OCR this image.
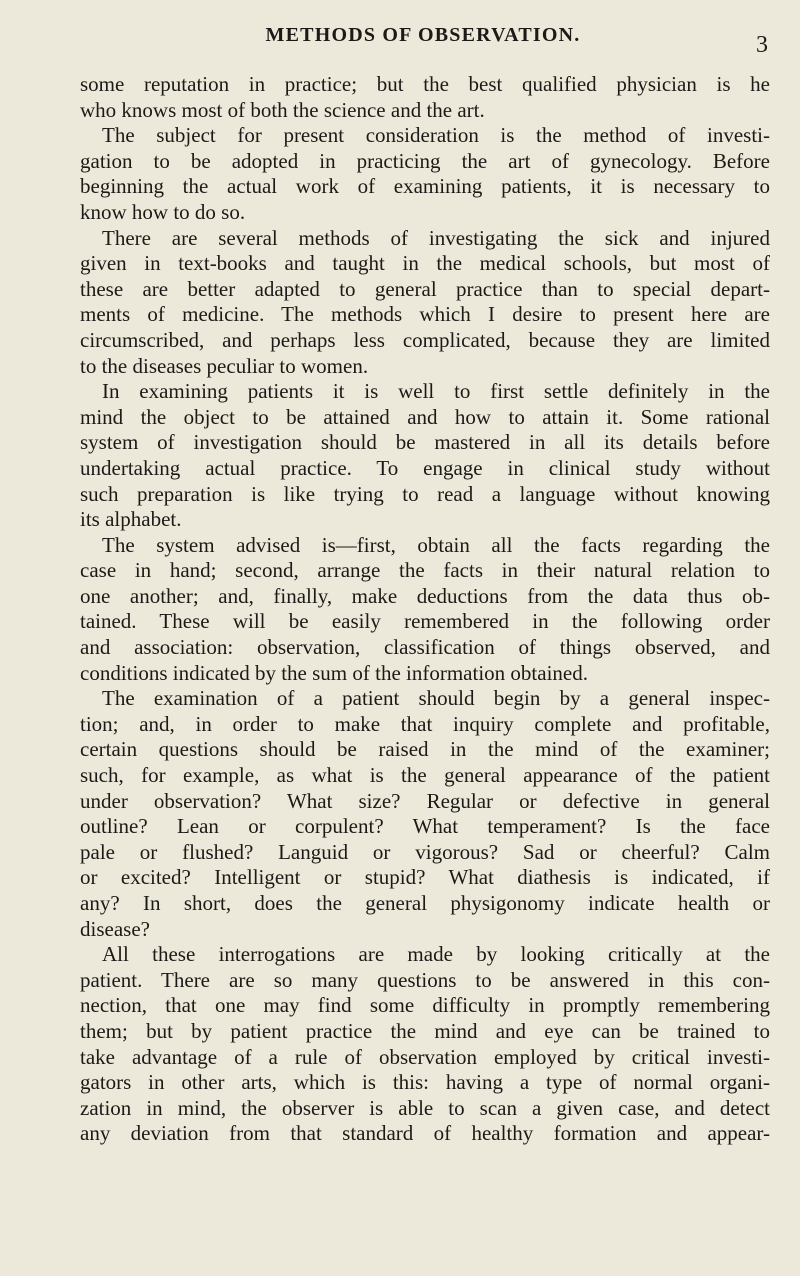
METHODS OF OBSERVATION.	3
some reputation in practice; but the best qualified physician is he
who knows most of both the science and the art.
The subject for present consideration is the method of investi-
gation to be adopted in practicing the art of gynecology. Before
beginning the actual work of examining patients, it is necessary to
know how to do so.
There are several methods of investigating the sick and injured
given in text-books and taught in the medical schools, but most of
these are better adapted to general practice than to special depart-
ments of medicine. The methods which I desire to present here are
circumscribed, and perhaps less complicated, because they are limited
to the diseases peculiar to women.
In examining patients it is well to first settle definitely in the
mind the object to be attained and how to attain it. Some rational
system of investigation should be mastered in all its details before
undertaking actual practice. To engage in clinical study without
such preparation is like trying to read a language without knowing
its alphabet.
The system advised is—first, obtain all the facts regarding the
case in hand; second, arrange the facts in their natural relation to
one another; and, finally, make deductions from the data thus ob-
tained. These will be easily remembered in the following order
and association: observation, classification of things observed, and
conditions indicated by the sum of the information obtained.
The examination of a patient should begin by a general inspec-
tion; and, in order to make that inquiry complete and profitable,
certain questions should be raised in the mind of the examiner;
such, for example, as what is the general appearance of the patient
under observation? What size? Regular or defective in general
outline? Lean or corpulent? What temperament? Is the face
pale or flushed? Languid or vigorous? Sad or cheerful? Calm
or excited? Intelligent or stupid? What diathesis is indicated, if
any? In short, does the general physigonomy indicate health or
disease?
All these interrogations are made by looking critically at the
patient. There are so many questions to be answered in this con-
nection, that one may find some difficulty in promptly remembering
them; but by patient practice the mind and eye can be trained to
take advantage of a rule of observation employed by critical investi-
gators in other arts, which is this: having a type of normal organi-
zation in mind, the observer is able to scan a given case, and detect
any deviation from that standard of healthy formation and appear-
